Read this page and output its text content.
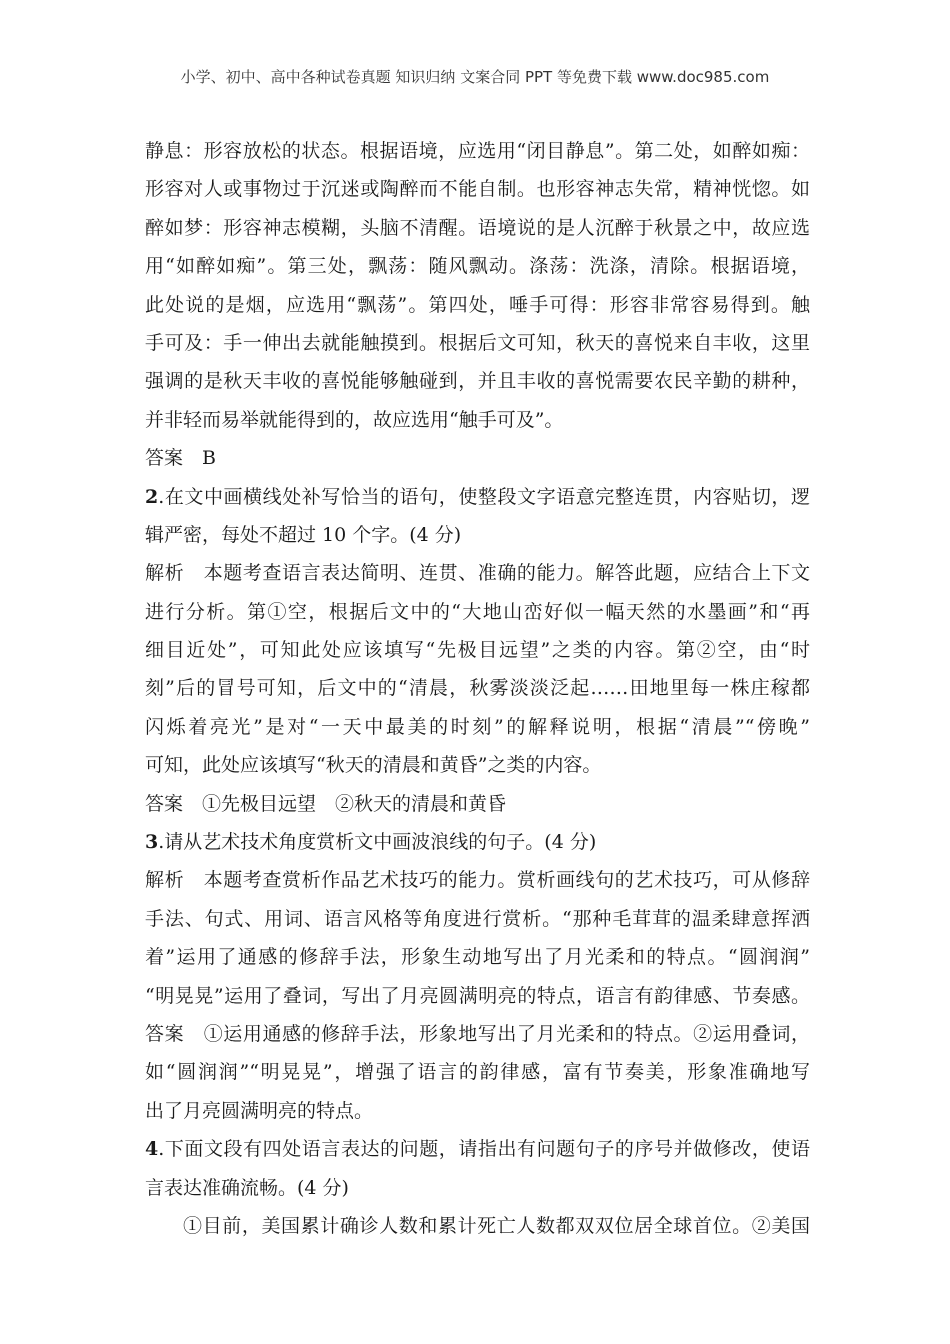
小学、初中、高中各种试卷真题 知识归纳 文案合同 PPT 等免费下载 www.doc985.com
静息：形容放松的状态。根据语境，应选用“闭目静息”。第二处，如醉如痴：
形容对人或事物过于沉迷或陶醉而不能自制。也形容神志失常，精神恍惚。如
醉如梦：形容神志模糊，头脑不清醒。语境说的是人沉醉于秋景之中，故应选
用“如醉如痴”。第三处，飘荡：随风飘动。涤荡：洗涤，清除。根据语境，
此处说的是烟，应选用“飘荡”。第四处，唾手可得：形容非常容易得到。触
手可及：手一伸出去就能触摸到。根据后文可知，秋天的喜悦来自丰收，这里
强调的是秋天丰收的喜悦能够触碰到，并且丰收的喜悦需要农民辛勤的耕种，
并非轻而易举就能得到的，故应选用“触手可及”。
答案　B
2 .在文中画横线处补写恰当的语句，使整段文字语意完整连贯，内容贴切，逻
辑严密，每处不超过 10 个字。(4 分)
解析　本题考查语言表达简明、连贯、准确的能力。解答此题，应结合上下文
进行分析。第①空，根据后文中的“大地山峦好似一幅天然的水墨画”和“再
细目近处”，可知此处应该填写“先极目远望”之类的内容。第②空，由“时
刻”后的冒号可知，后文中的“清晨，秋雾淡淡泛起……田地里每一株庄稼都
闪烁着亮光”是对“一天中最美的时刻”的解释说明，根据“清晨”“傍晚”
可知，此处应该填写“秋天的清晨和黄昏”之类的内容。
答案　①先极目远望　②秋天的清晨和黄昏
3 .请从艺术技术角度赏析文中画波浪线的句子。(4 分)
解析　本题考查赏析作品艺术技巧的能力。赏析画线句的艺术技巧，可从修辞
手法、句式、用词、语言风格等角度进行赏析。“那种毛茸茸的温柔肆意挥洒
着”运用了通感的修辞手法，形象生动地写出了月光柔和的特点。“圆润润”
“明晃晃”运用了叠词，写出了月亮圆满明亮的特点，语言有韵律感、节奏感。
答案　①运用通感的修辞手法，形象地写出了月光柔和的特点。②运用叠词，
如“圆润润”“明晃晃”，增强了语言的韵律感，富有节奏美，形象准确地写
出了月亮圆满明亮的特点。
4 .下面文段有四处语言表达的问题，请指出有问题句子的序号并做修改，使语
言表达准确流畅。(4 分)
①目前，美国累计确诊人数和累计死亡人数都双双位居全球首位。②美国
